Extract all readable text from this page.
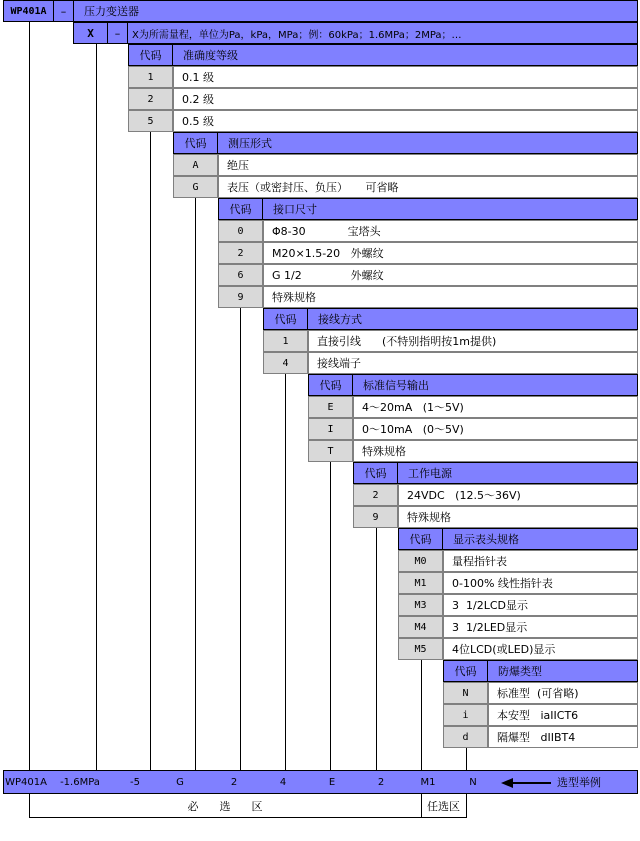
WP401A	–	压力变送器
X	–	X为所需量程，单位为Pa，kPa，MPa；例：60kPa；1.6MPa；2MPa；…
代码	准确度等级
1	0.1 级
2	0.2 级
5	0.5 级
代码	测压形式
A	绝压
G	表压（或密封压、负压）     可省略
代码	接口尺寸
0	Φ8-30            宝塔头
2	M20×1.5-20   外螺纹
6	G 1/2              外螺纹
9	特殊规格
代码	接线方式
1	直接引线      (不特别指明按1m提供)
4	接线端子
代码	标准信号输出
E	4～20mA   (1～5V)
I	0～10mA   (0～5V)
T	特殊规格
代码	工作电源
2	24VDC   (12.5～36V)
9	特殊规格
代码	显示表头规格
M0	量程指针表
M1	0-100% 线性指针表
M3	3  1/2LCD显示
M4	3  1/2LED显示
M5	4位LCD(或LED)显示
代码	防爆类型
N	标准型  (可省略)
i	本安型   iaIICT6
d	隔爆型   dIIBT4
WP401A -1.6MPa	-5	G	2	4	E	2	M1	N	选型举例
必      选      区	任选区
